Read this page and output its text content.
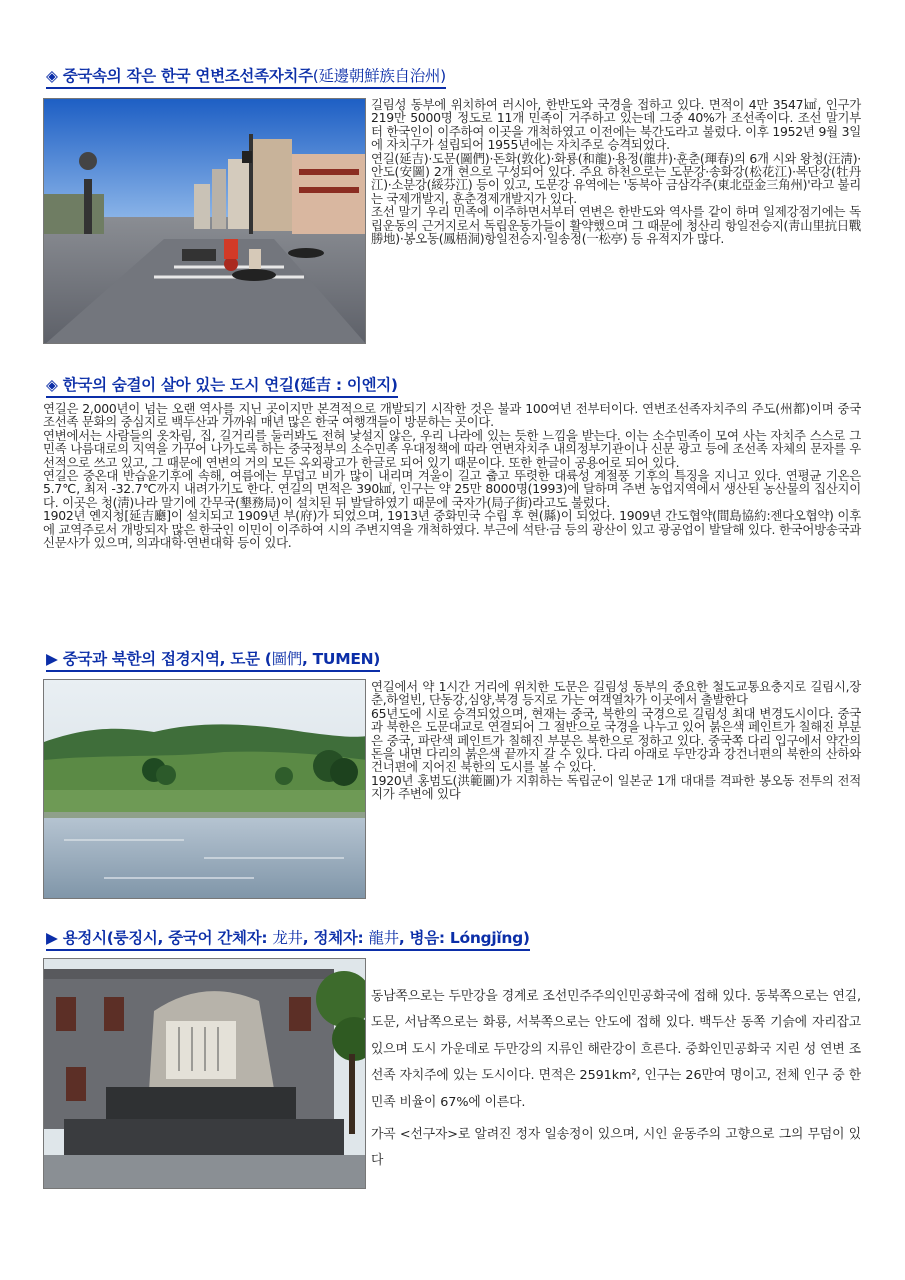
◈ 중국속의 작은 한국 연변조선족자치주(延邊朝鮮族自治州)

길림성 동부에 위치하여 러시아, 한반도와 국경을 접하고 있다. 면적이 4만 3547㎢, 인구가 219만 5000명 정도로 11개 민족이 거주하고 있는데 그중 40%가 조선족이다. 조선 말기부터 한국인이 이주하여 이곳을 개척하였고 이전에는 북간도라고 불렀다. 이후 1952년 9월 3일에 자치구가 설립되어 1955년에는 자치주로 승격되었다.

연길(延吉)·도문(圖們)·돈화(敦化)·화룡(和龍)·용정(龍井)·훈춘(琿春)의 6개 시와 왕청(汪淸)·안도(安圖) 2개 현으로 구성되어 있다. 주요 하천으로는 도문강·송화강(松花江)·목단강(牡丹江)·소분강(綏芬江) 등이 있고, 도문강 유역에는 '동북아 금삼각주(東北亞金三角州)'라고 불리는 국제개발지, 훈춘경제개발지가 있다.

조선 말기 우리 민족에 이주하면서부터 연변은 한반도와 역사를 같이 하며 일제강점기에는 독립운동의 근거지로서 독립운동가들이 활약했으며 그 때문에 청산리 항일전승지(靑山里抗日戰勝地)·봉오동(鳳梧洞)항일전승지·일송정(一松亭) 등 유적지가 많다.

◈ 한국의 숨결이 살아 있는 도시 연길(延吉 : 이엔지)

연길은 2,000년이 넘는 오랜 역사를 지닌 곳이지만 본격적으로 개발되기 시작한 것은 불과 100여년 전부터이다. 연변조선족자치주의 주도(州都)이며 중국 조선족 문화의 중심지로 백두산과 가까워 매년 많은 한국 여행객들이 방문하는 곳이다.

연변에서는 사람들의 옷차림, 집, 길거리를 둘러봐도 전혀 낯설지 않은, 우리 나라에 있는 듯한 느낌을 받는다. 이는 소수민족이 모여 사는 자치주 스스로 그 민족 나름대로의 지역을 가꾸어 나가도록 하는 중국정부의 소수민족 우대정책에 따라 연변자치주 내의정부기관이나 신문 광고 등에 조선족 자체의 문자를 우선적으로 쓰고 있고, 그 때문에 연변의 거의 모든 옥외광고가 한글로 되어 있기 때문이다. 또한 한글이 공용어로 되어 있다.

연길은 중온대 반습윤기후에 속해, 여름에는 무덥고 비가 많이 내리며 겨울이 길고 춥고 뚜렷한 대륙성 계절풍 기후의 특징을 지니고 있다. 연평균 기온은 5.7℃, 최저 -32.7℃까지 내려가기도 한다. 연길의 면적은 390㎢, 인구는 약 25만 8000명(1993)에 달하며 주변 농업지역에서 생산된 농산물의 집산지이다. 이곳은 청(淸)나라 말기에 간무국(墾務局)이 설치된 뒤 발달하였기 때문에 국자가(局子街)라고도 불렀다.

1902년 옌지청[延吉廳]이 설치되고 1909년 부(府)가 되었으며, 1913년 중화민국 수립 후 현(縣)이 되었다. 1909년 간도협약(間島協約:젠다오협약) 이후에 교역주로서 개방되자 많은 한국인 이민이 이주하여 시의 주변지역을 개척하였다. 부근에 석탄·금 등의 광산이 있고 광공업이 발달해 있다. 한국어방송국과 신문사가 있으며, 의과대학·연변대학 등이 있다.

▶ 중국과 북한의 접경지역, 도문 (圖們, TUMEN)

연길에서 약 1시간 거리에 위치한 도문은 길림성 동부의 중요한 철도교통요충지로 길림시,장춘,하얼빈, 단동강,심양,북경 등지로 가는 여객열차가 이곳에서 출발한다

65년도에 시로 승격되었으며, 현재는 중국, 북한의 국경으로 길림성 최대 변경도시이다. 중국과 북한은 도문대교로 연결되어 그 절반으로 국경을 나누고 있어 붉은색 페인트가 칠해진 부분은 중국, 파란색 페인트가 칠해진 부분은 북한으로 정하고 있다. 중국쪽 다리 입구에서 약간의 돈을 내면 다리의 붉은색 끝까지 갈 수 있다. 다리 아래로 두만강과 강건너편의 북한의 산하와 건너편에 지어진 북한의 도시를 볼 수 있다.

1920년 홍범도(洪範圖)가 지휘하는 독립군이 일본군 1개 대대를 격파한 봉오동 전투의 전적지가 주변에 있다

▶ 용정시(룽징시, 중국어 간체자: 龙井, 정체자: 龍井, 병음: Lóngjǐng)

동남쪽으로는 두만강을 경계로 조선민주주의인민공화국에 접해 있다. 동북쪽으로는 연길, 도문, 서남쪽으로는 화룡, 서북쪽으로는 안도에 접해 있다. 백두산 동쪽 기슭에 자리잡고 있으며 도시 가운데로 두만강의 지류인 해란강이 흐른다. 중화인민공화국 지린 성 연변 조선족 자치주에 있는 도시이다. 면적은 2591km², 인구는 26만여 명이고, 전체 인구 중 한민족 비율이 67%에 이른다.

가곡 <선구자>로 알려진 정자 일송정이 있으며, 시인 윤동주의 고향으로 그의 무덤이 있다
